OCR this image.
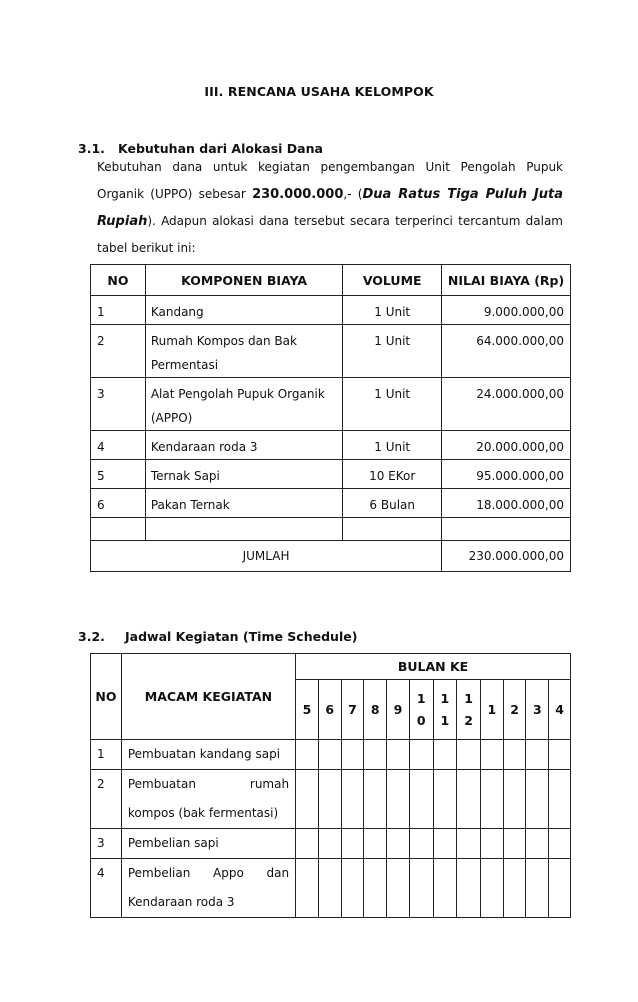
III. RENCANA USAHA KELOMPOK
3.1. Kebutuhan dari Alokasi Dana
Kebutuhan dana untuk kegiatan pengembangan Unit Pengolah Pupuk Organik (UPPO) sebesar 230.000.000,- (Dua Ratus Tiga Puluh Juta Rupiah). Adapun alokasi dana tersebut secara terperinci tercantum dalam tabel berikut ini:
NO	KOMPONEN BIAYA	VOLUME	NILAI BIAYA (Rp)
1	Kandang	1 Unit	9.000.000,00
2	Rumah Kompos dan Bak Permentasi	1 Unit	64.000.000,00
3	Alat Pengolah Pupuk Organik (APPO)	1 Unit	24.000.000,00
4	Kendaraan roda 3	1 Unit	20.000.000,00
5	Ternak Sapi	10 EKor	95.000.000,00
6	Pakan Ternak	6 Bulan	18.000.000,00

JUMLAH			230.000.000,00
3.2. Jadwal Kegiatan (Time Schedule)
NO	MACAM KEGIATAN	BULAN KE											
		5	6	7	8	9	10	11	12	1	2	3	4
1	Pembuatan kandang sapi												
2	Pembuatan rumah kompos (bak fermentasi)												
3	Pembelian sapi												
4	Pembelian Appo dan Kendaraan roda 3												
